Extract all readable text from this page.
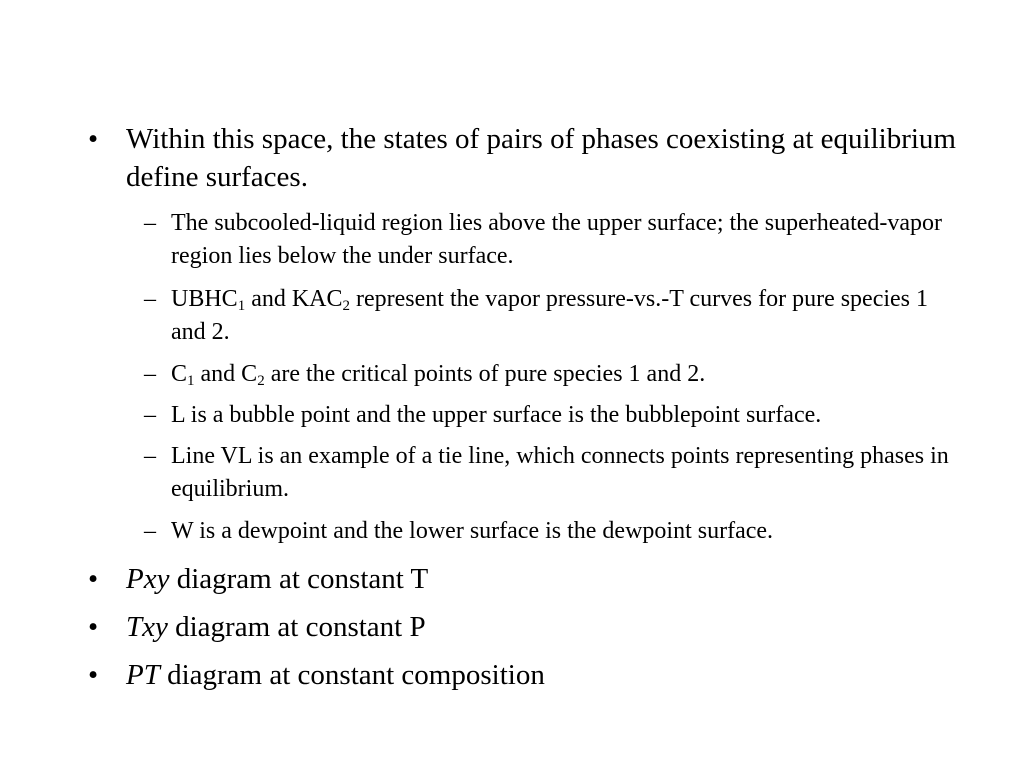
• Within this space, the states of pairs of phases coexisting at equilibrium define surfaces.
– The subcooled-liquid region lies above the upper surface; the superheated-vapor region lies below the under surface.
– $UBHC_1$ and $KAC_2$ represent the vapor pressure-vs.-T curves for pure species 1 and 2.
– $C_1$ and $C_2$ are the critical points of pure species 1 and 2.
– L is a bubble point and the upper surface is the bubblepoint surface.
– Line VL is an example of a tie line, which connects points representing phases in equilibrium.
– W is a dewpoint and the lower surface is the dewpoint surface.
• Pxy diagram at constant T
• Txy diagram at constant P
• PT diagram at constant composition
